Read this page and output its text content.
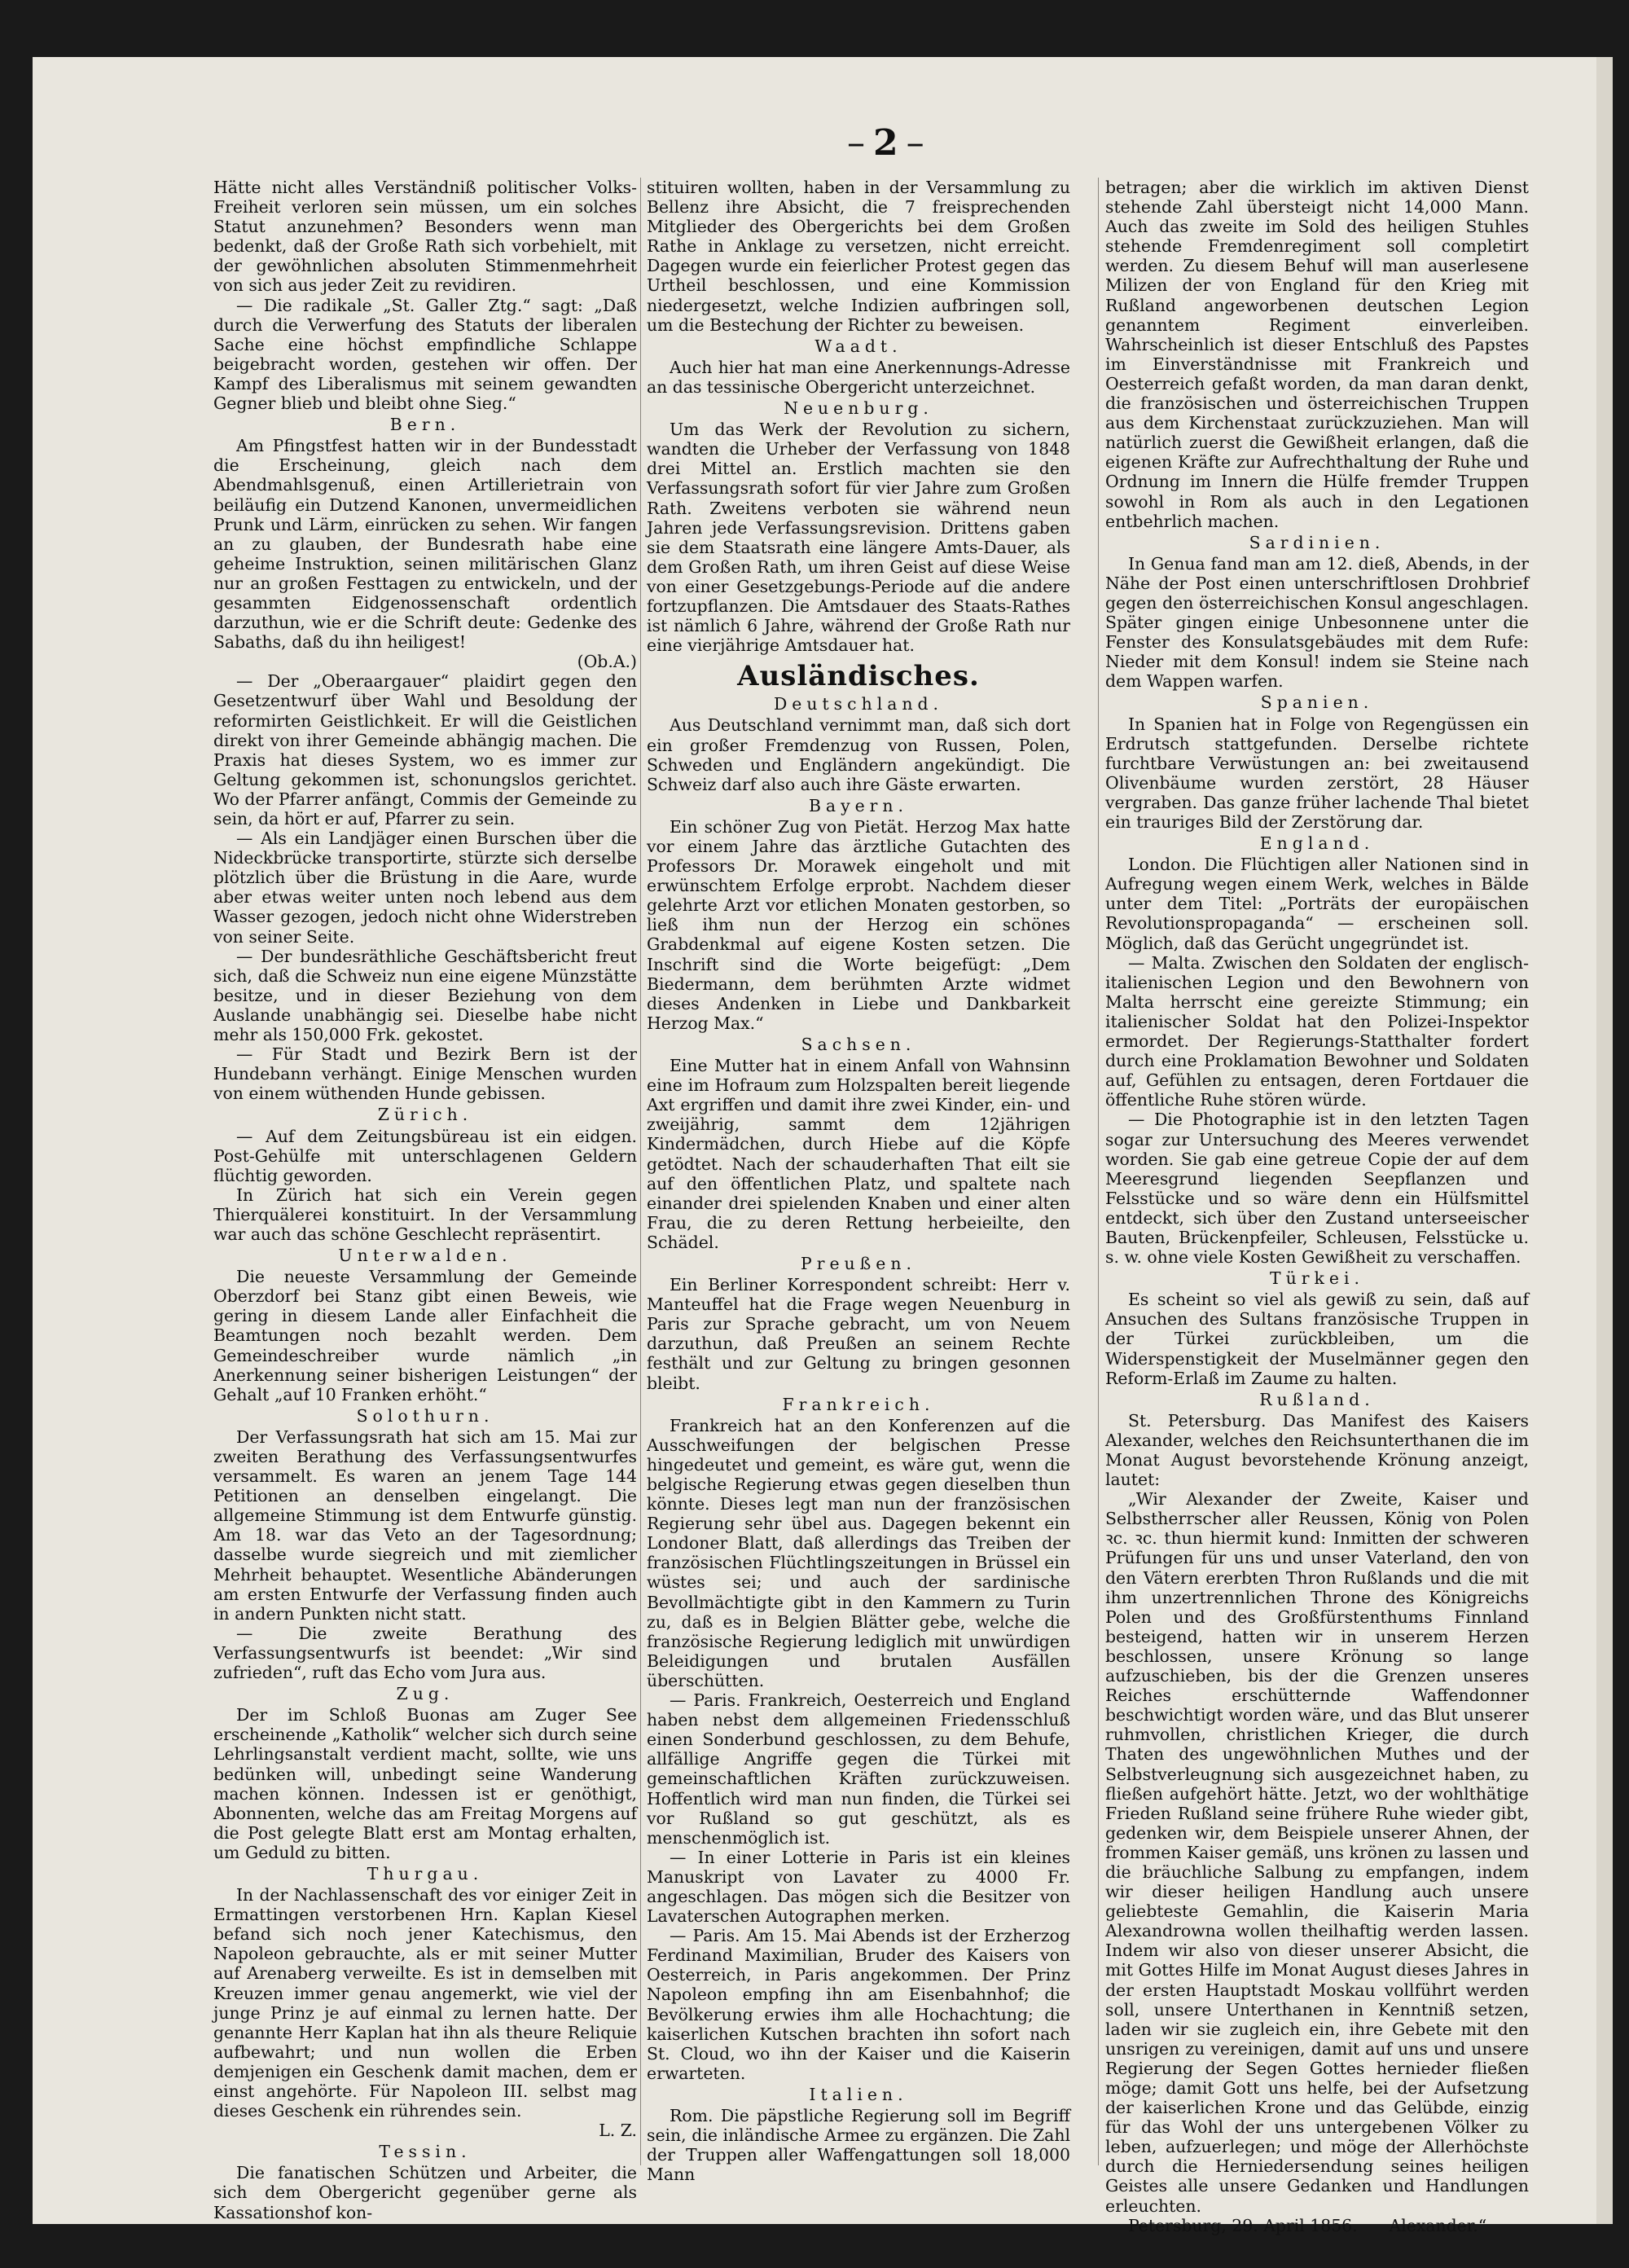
– 2 –

Hätte nicht alles Verständniß politischer Volks-Freiheit verloren sein müssen, um ein solches Statut anzunehmen? Besonders wenn man bedenkt, daß der Große Rath sich vorbehielt, mit der gewöhnlichen absoluten Stimmenmehrheit von sich aus jeder Zeit zu revidiren.

— Die radikale „St. Galler Ztg.“ sagt: „Daß durch die Verwerfung des Statuts der liberalen Sache eine höchst empfindliche Schlappe beigebracht worden, gestehen wir offen. Der Kampf des Liberalismus mit seinem gewandten Gegner blieb und bleibt ohne Sieg.“

Bern.

Am Pfingstfest hatten wir in der Bundesstadt die Erscheinung, gleich nach dem Abendmahlsgenuß, einen Artillerietrain von beiläufig ein Dutzend Kanonen, unvermeidlichen Prunk und Lärm, einrücken zu sehen. Wir fangen an zu glauben, der Bundesrath habe eine geheime Instruktion, seinen militärischen Glanz nur an großen Festtagen zu entwickeln, und der gesammten Eidgenossenschaft ordentlich darzuthun, wie er die Schrift deute: Gedenke des Sabaths, daß du ihn heiligest!

(Ob.A.)

— Der „Oberaargauer“ plaidirt gegen den Gesetzentwurf über Wahl und Besoldung der reformirten Geistlichkeit. Er will die Geistlichen direkt von ihrer Gemeinde abhängig machen. Die Praxis hat dieses System, wo es immer zur Geltung gekommen ist, schonungslos gerichtet. Wo der Pfarrer anfängt, Commis der Gemeinde zu sein, da hört er auf, Pfarrer zu sein.

— Als ein Landjäger einen Burschen über die Nideckbrücke transportirte, stürzte sich derselbe plötzlich über die Brüstung in die Aare, wurde aber etwas weiter unten noch lebend aus dem Wasser gezogen, jedoch nicht ohne Widerstreben von seiner Seite.

— Der bundesräthliche Geschäftsbericht freut sich, daß die Schweiz nun eine eigene Münzstätte besitze, und in dieser Beziehung von dem Auslande unabhängig sei. Dieselbe habe nicht mehr als 150,000 Frk. gekostet.

— Für Stadt und Bezirk Bern ist der Hundebann verhängt. Einige Menschen wurden von einem wüthenden Hunde gebissen.

Zürich.

— Auf dem Zeitungsbüreau ist ein eidgen. Post-Gehülfe mit unterschlagenen Geldern flüchtig geworden.

In Zürich hat sich ein Verein gegen Thierquälerei konstituirt. In der Versammlung war auch das schöne Geschlecht repräsentirt.

Unterwalden.

Die neueste Versammlung der Gemeinde Oberzdorf bei Stanz gibt einen Beweis, wie gering in diesem Lande aller Einfachheit die Beamtungen noch bezahlt werden. Dem Gemeindeschreiber wurde nämlich „in Anerkennung seiner bisherigen Leistungen“ der Gehalt „auf 10 Franken erhöht.“

Solothurn.

Der Verfassungsrath hat sich am 15. Mai zur zweiten Berathung des Verfassungsentwurfes versammelt. Es waren an jenem Tage 144 Petitionen an denselben eingelangt. Die allgemeine Stimmung ist dem Entwurfe günstig. Am 18. war das Veto an der Tagesordnung; dasselbe wurde siegreich und mit ziemlicher Mehrheit behauptet. Wesentliche Abänderungen am ersten Entwurfe der Verfassung finden auch in andern Punkten nicht statt.

— Die zweite Berathung des Verfassungsentwurfs ist beendet: „Wir sind zufrieden“, ruft das Echo vom Jura aus.

Zug.

Der im Schloß Buonas am Zuger See erscheinende „Katholik“ welcher sich durch seine Lehrlingsanstalt verdient macht, sollte, wie uns bedünken will, unbedingt seine Wanderung machen können. Indessen ist er genöthigt, Abonnenten, welche das am Freitag Morgens auf die Post gelegte Blatt erst am Montag erhalten, um Geduld zu bitten.

Thurgau.

In der Nachlassenschaft des vor einiger Zeit in Ermattingen verstorbenen Hrn. Kaplan Kiesel befand sich noch jener Katechismus, den Napoleon gebrauchte, als er mit seiner Mutter auf Arenaberg verweilte. Es ist in demselben mit Kreuzen immer genau angemerkt, wie viel der junge Prinz je auf einmal zu lernen hatte. Der genannte Herr Kaplan hat ihn als theure Reliquie aufbewahrt; und nun wollen die Erben demjenigen ein Geschenk damit machen, dem er einst angehörte. Für Napoleon III. selbst mag dieses Geschenk ein rührendes sein.

L. Z.
Tessin.

Die fanatischen Schützen und Arbeiter, die sich dem Obergericht gegenüber gerne als Kassationshof kon-

stituiren wollten, haben in der Versammlung zu Bellenz ihre Absicht, die 7 freisprechenden Mitglieder des Obergerichts bei dem Großen Rathe in Anklage zu versetzen, nicht erreicht. Dagegen wurde ein feierlicher Protest gegen das Urtheil beschlossen, und eine Kommission niedergesetzt, welche Indizien aufbringen soll, um die Bestechung der Richter zu beweisen.

Waadt.

Auch hier hat man eine Anerkennungs-Adresse an das tessinische Obergericht unterzeichnet.

Neuenburg.

Um das Werk der Revolution zu sichern, wandten die Urheber der Verfassung von 1848 drei Mittel an. Erstlich machten sie den Verfassungsrath sofort für vier Jahre zum Großen Rath. Zweitens verboten sie während neun Jahren jede Verfassungsrevision. Drittens gaben sie dem Staatsrath eine längere Amts-Dauer, als dem Großen Rath, um ihren Geist auf diese Weise von einer Gesetzgebungs-Periode auf die andere fortzupflanzen. Die Amtsdauer des Staats-Rathes ist nämlich 6 Jahre, während der Große Rath nur eine vierjährige Amtsdauer hat.

Ausländisches.
Deutschland.

Aus Deutschland vernimmt man, daß sich dort ein großer Fremdenzug von Russen, Polen, Schweden und Engländern angekündigt. Die Schweiz darf also auch ihre Gäste erwarten.

Bayern.

Ein schöner Zug von Pietät. Herzog Max hatte vor einem Jahre das ärztliche Gutachten des Professors Dr. Morawek eingeholt und mit erwünschtem Erfolge erprobt. Nachdem dieser gelehrte Arzt vor etlichen Monaten gestorben, so ließ ihm nun der Herzog ein schönes Grabdenkmal auf eigene Kosten setzen. Die Inschrift sind die Worte beigefügt: „Dem Biedermann, dem berühmten Arzte widmet dieses Andenken in Liebe und Dankbarkeit Herzog Max.“

Sachsen.

Eine Mutter hat in einem Anfall von Wahnsinn eine im Hofraum zum Holzspalten bereit liegende Axt ergriffen und damit ihre zwei Kinder, ein- und zweijährig, sammt dem 12jährigen Kindermädchen, durch Hiebe auf die Köpfe getödtet. Nach der schauderhaften That eilt sie auf den öffentlichen Platz, und spaltete nach einander drei spielenden Knaben und einer alten Frau, die zu deren Rettung herbeieilte, den Schädel.

Preußen.

Ein Berliner Korrespondent schreibt: Herr v. Manteuffel hat die Frage wegen Neuenburg in Paris zur Sprache gebracht, um von Neuem darzuthun, daß Preußen an seinem Rechte festhält und zur Geltung zu bringen gesonnen bleibt.

Frankreich.

Frankreich hat an den Konferenzen auf die Ausschweifungen der belgischen Presse hingedeutet und gemeint, es wäre gut, wenn die belgische Regierung etwas gegen dieselben thun könnte. Dieses legt man nun der französischen Regierung sehr übel aus. Dagegen bekennt ein Londoner Blatt, daß allerdings das Treiben der französischen Flüchtlingszeitungen in Brüssel ein wüstes sei; und auch der sardinische Bevollmächtigte gibt in den Kammern zu Turin zu, daß es in Belgien Blätter gebe, welche die französische Regierung lediglich mit unwürdigen Beleidigungen und brutalen Ausfällen überschütten.

— Paris. Frankreich, Oesterreich und England haben nebst dem allgemeinen Friedensschluß einen Sonderbund geschlossen, zu dem Behufe, allfällige Angriffe gegen die Türkei mit gemeinschaftlichen Kräften zurückzuweisen. Hoffentlich wird man nun finden, die Türkei sei vor Rußland so gut geschützt, als es menschenmöglich ist.

— In einer Lotterie in Paris ist ein kleines Manuskript von Lavater zu 4000 Fr. angeschlagen. Das mögen sich die Besitzer von Lavaterschen Autographen merken.

— Paris. Am 15. Mai Abends ist der Erzherzog Ferdinand Maximilian, Bruder des Kaisers von Oesterreich, in Paris angekommen. Der Prinz Napoleon empfing ihn am Eisenbahnhof; die Bevölkerung erwies ihm alle Hochachtung; die kaiserlichen Kutschen brachten ihn sofort nach St. Cloud, wo ihn der Kaiser und die Kaiserin erwarteten.

Italien.

Rom. Die päpstliche Regierung soll im Begriff sein, die inländische Armee zu ergänzen. Die Zahl der Truppen aller Waffengattungen soll 18,000 Mann

betragen; aber die wirklich im aktiven Dienst stehende Zahl übersteigt nicht 14,000 Mann. Auch das zweite im Sold des heiligen Stuhles stehende Fremdenregiment soll completirt werden. Zu diesem Behuf will man auserlesene Milizen der von England für den Krieg mit Rußland angeworbenen deutschen Legion genanntem Regiment einverleiben. Wahrscheinlich ist dieser Entschluß des Papstes im Einverständnisse mit Frankreich und Oesterreich gefaßt worden, da man daran denkt, die französischen und österreichischen Truppen aus dem Kirchenstaat zurückzuziehen. Man will natürlich zuerst die Gewißheit erlangen, daß die eigenen Kräfte zur Aufrechthaltung der Ruhe und Ordnung im Innern die Hülfe fremder Truppen sowohl in Rom als auch in den Legationen entbehrlich machen.

Sardinien.

In Genua fand man am 12. dieß, Abends, in der Nähe der Post einen unterschriftlosen Drohbrief gegen den österreichischen Konsul angeschlagen. Später gingen einige Unbesonnene unter die Fenster des Konsulatsgebäudes mit dem Rufe: Nieder mit dem Konsul! indem sie Steine nach dem Wappen warfen.

Spanien.

In Spanien hat in Folge von Regengüssen ein Erdrutsch stattgefunden. Derselbe richtete furchtbare Verwüstungen an: bei zweitausend Olivenbäume wurden zerstört, 28 Häuser vergraben. Das ganze früher lachende Thal bietet ein trauriges Bild der Zerstörung dar.

England.

London. Die Flüchtigen aller Nationen sind in Aufregung wegen einem Werk, welches in Bälde unter dem Titel: „Porträts der europäischen Revolutionspropaganda“ — erscheinen soll. Möglich, daß das Gerücht ungegründet ist.

— Malta. Zwischen den Soldaten der englisch-italienischen Legion und den Bewohnern von Malta herrscht eine gereizte Stimmung; ein italienischer Soldat hat den Polizei-Inspektor ermordet. Der Regierungs-Statthalter fordert durch eine Proklamation Bewohner und Soldaten auf, Gefühlen zu entsagen, deren Fortdauer die öffentliche Ruhe stören würde.

— Die Photographie ist in den letzten Tagen sogar zur Untersuchung des Meeres verwendet worden. Sie gab eine getreue Copie der auf dem Meeresgrund liegenden Seepflanzen und Felsstücke und so wäre denn ein Hülfsmittel entdeckt, sich über den Zustand unterseeischer Bauten, Brückenpfeiler, Schleusen, Felsstücke u. s. w. ohne viele Kosten Gewißheit zu verschaffen.

Türkei.

Es scheint so viel als gewiß zu sein, daß auf Ansuchen des Sultans französische Truppen in der Türkei zurückbleiben, um die Widerspenstigkeit der Muselmänner gegen den Reform-Erlaß im Zaume zu halten.

Rußland.

St. Petersburg. Das Manifest des Kaisers Alexander, welches den Reichsunterthanen die im Monat August bevorstehende Krönung anzeigt, lautet:

„Wir Alexander der Zweite, Kaiser und Selbstherrscher aller Reussen, König von Polen ꝛc. ꝛc. thun hiermit kund: Inmitten der schweren Prüfungen für uns und unser Vaterland, den von den Vätern ererbten Thron Rußlands und die mit ihm unzertrennlichen Throne des Königreichs Polen und des Großfürstenthums Finnland besteigend, hatten wir in unserem Herzen beschlossen, unsere Krönung so lange aufzuschieben, bis der die Grenzen unseres Reiches erschütternde Waffendonner beschwichtigt worden wäre, und das Blut unserer ruhmvollen, christlichen Krieger, die durch Thaten des ungewöhnlichen Muthes und der Selbstverleugnung sich ausgezeichnet haben, zu fließen aufgehört hätte. Jetzt, wo der wohlthätige Frieden Rußland seine frühere Ruhe wieder gibt, gedenken wir, dem Beispiele unserer Ahnen, der frommen Kaiser gemäß, uns krönen zu lassen und die bräuchliche Salbung zu empfangen, indem wir dieser heiligen Handlung auch unsere geliebteste Gemahlin, die Kaiserin Maria Alexandrowna wollen theilhaftig werden lassen. Indem wir also von dieser unserer Absicht, die mit Gottes Hilfe im Monat August dieses Jahres in der ersten Hauptstadt Moskau vollführt werden soll, unsere Unterthanen in Kenntniß setzen, laden wir sie zugleich ein, ihre Gebete mit den unsrigen zu vereinigen, damit auf uns und unsere Regierung der Segen Gottes hernieder fließen möge; damit Gott uns helfe, bei der Aufsetzung der kaiserlichen Krone und das Gelübde, einzig für das Wohl der uns untergebenen Völker zu leben, aufzuerlegen; und möge der Allerhöchste durch die Herniedersendung seines heiligen Geistes alle unsere Gedanken und Handlungen erleuchten.

Petersburg, 29. April 1856. Alexander.“
